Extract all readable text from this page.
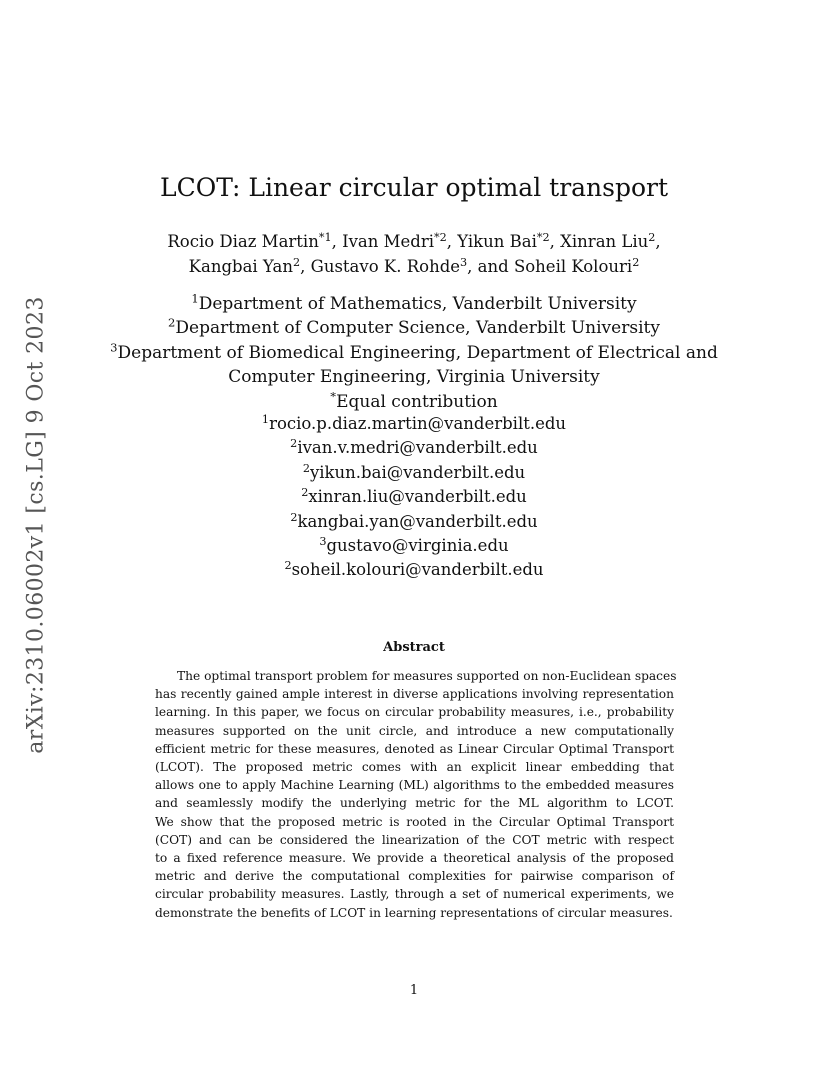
arXiv:2310.06002v1 [cs.LG] 9 Oct 2023
LCOT: Linear circular optimal transport
Rocio Diaz Martin$^{*1}$, Ivan Medri$^{*2}$, Yikun Bai$^{*2}$, Xinran Liu$^2$,
Kangbai Yan$^2$, Gustavo K. Rohde$^3$, and Soheil Kolouri$^2$
$^1$Department of Mathematics, Vanderbilt University
$^2$Department of Computer Science, Vanderbilt University
$^3$Department of Biomedical Engineering, Department of Electrical and
Computer Engineering, Virginia University
*Equal contribution
$^1$rocio.p.diaz.martin@vanderbilt.edu
$^2$ivan.v.medri@vanderbilt.edu
$^2$yikun.bai@vanderbilt.edu
$^2$xinran.liu@vanderbilt.edu
$^2$kangbai.yan@vanderbilt.edu
$^3$gustavo@virginia.edu
$^2$soheil.kolouri@vanderbilt.edu
Abstract
The optimal transport problem for measures supported on non-Euclidean spaces
has recently gained ample interest in diverse applications involving representation
learning. In this paper, we focus on circular probability measures, i.e., probability
measures supported on the unit circle, and introduce a new computationally
efficient metric for these measures, denoted as Linear Circular Optimal Transport
(LCOT). The proposed metric comes with an explicit linear embedding that
allows one to apply Machine Learning (ML) algorithms to the embedded measures
and seamlessly modify the underlying metric for the ML algorithm to LCOT.
We show that the proposed metric is rooted in the Circular Optimal Transport
(COT) and can be considered the linearization of the COT metric with respect
to a fixed reference measure. We provide a theoretical analysis of the proposed
metric and derive the computational complexities for pairwise comparison of
circular probability measures. Lastly, through a set of numerical experiments, we
demonstrate the benefits of LCOT in learning representations of circular measures.
1
